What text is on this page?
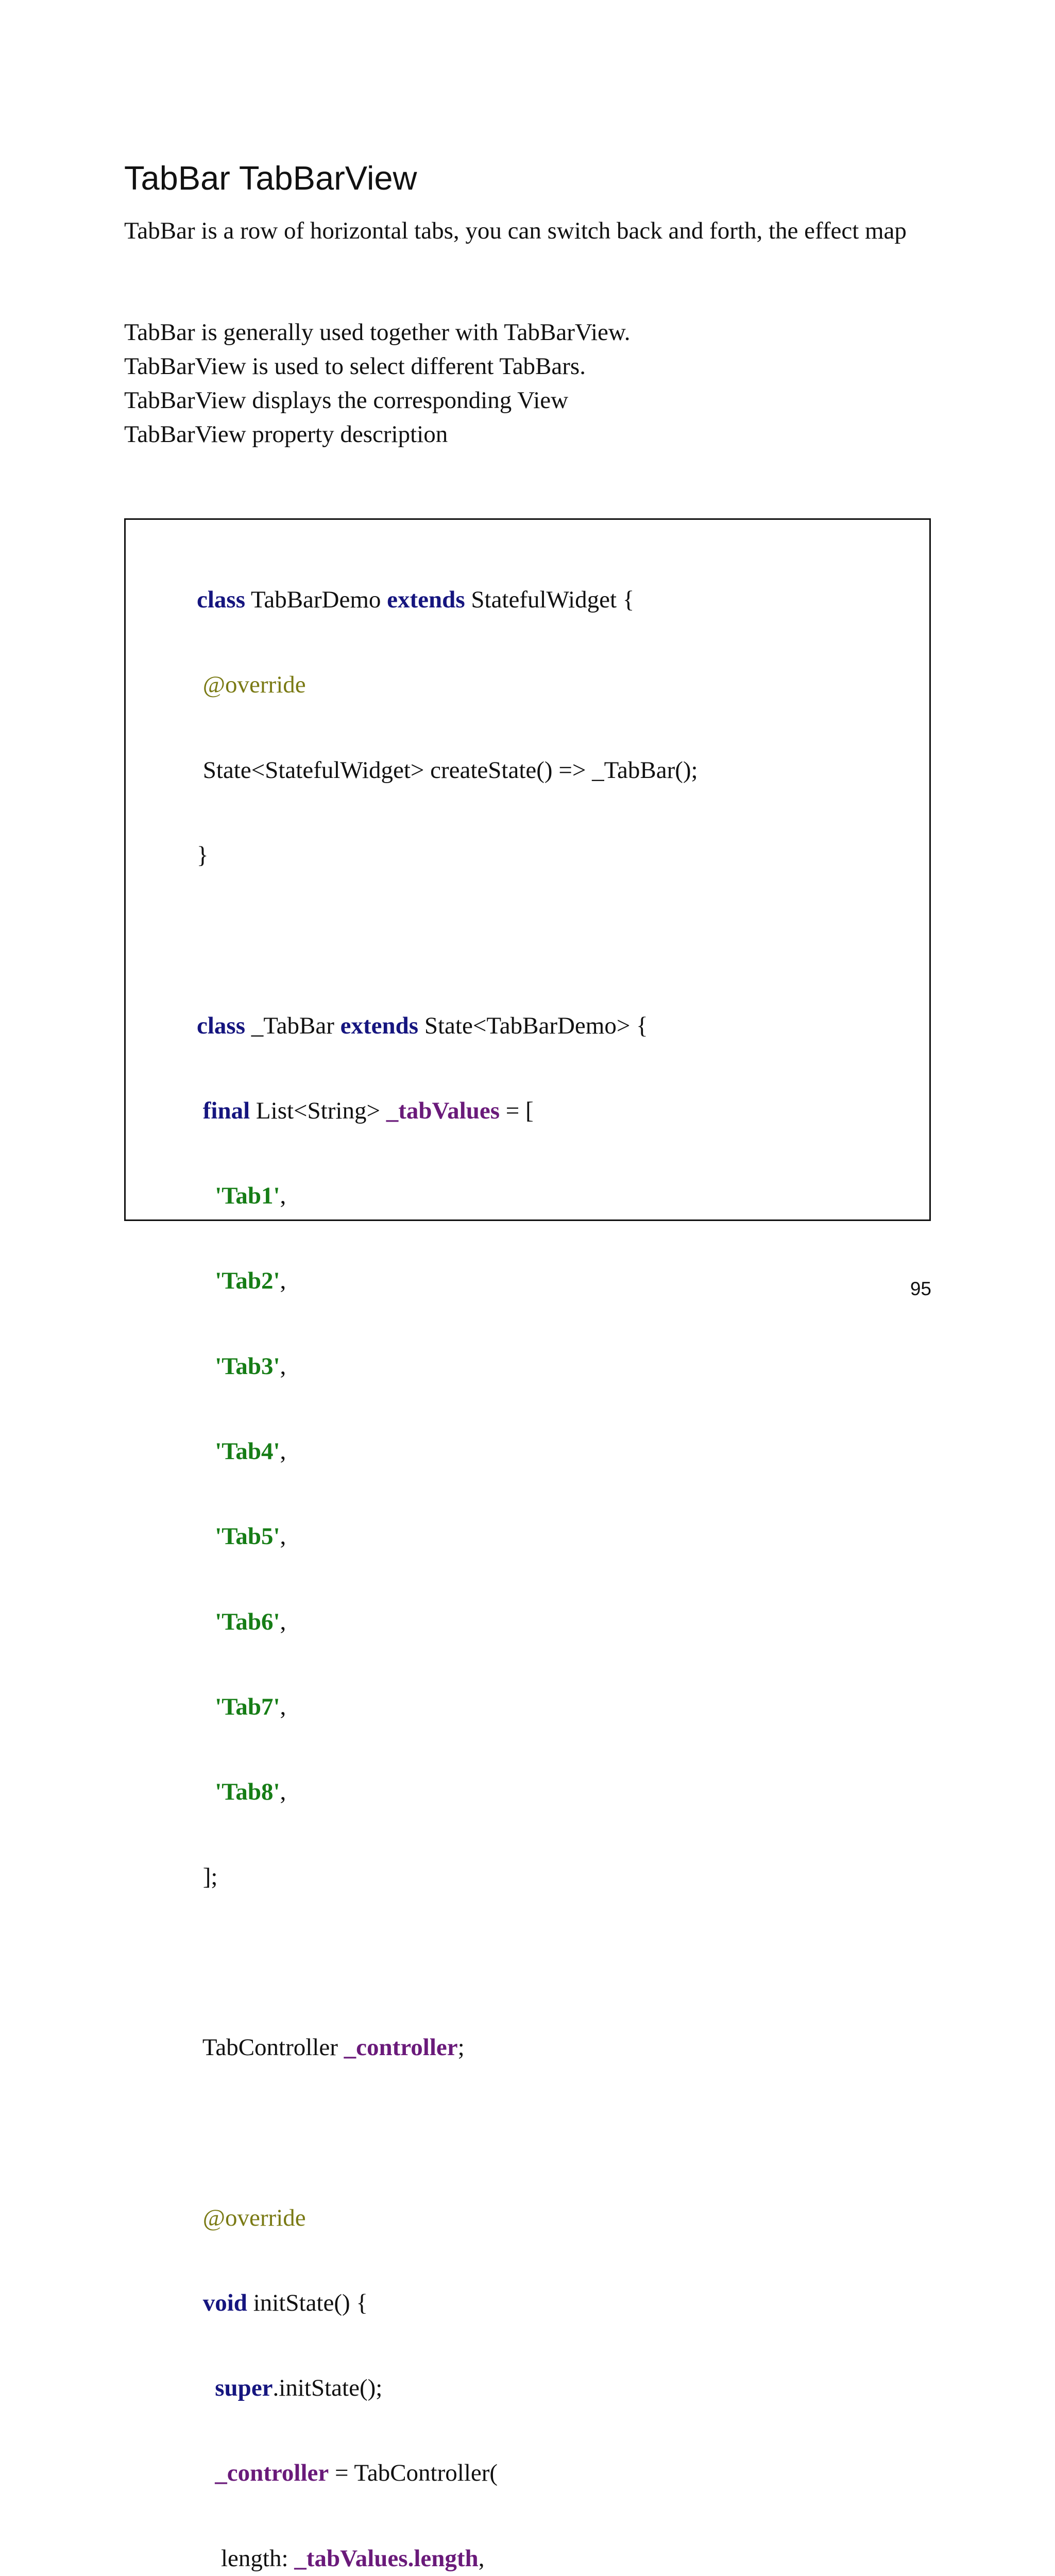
TabBar TabBarView

TabBar is a row of horizontal tabs, you can switch back and forth, the effect map

TabBar is generally used together with TabBarView.
TabBarView is used to select different TabBars.
TabBarView displays the corresponding View
TabBarView property description

class TabBarDemo extends StatefulWidget {

@override

State<StatefulWidget> createState() => _TabBar();

}

class _TabBar extends State<TabBarDemo> {

final List<String> _tabValues = [

'Tab1',

'Tab2',

'Tab3',

'Tab4',

'Tab5',

'Tab6',

'Tab7',

'Tab8',

];

TabController _controller;

@override

void initState() {

super.initState();

_controller = TabController(

length: _tabValues.length,

95
